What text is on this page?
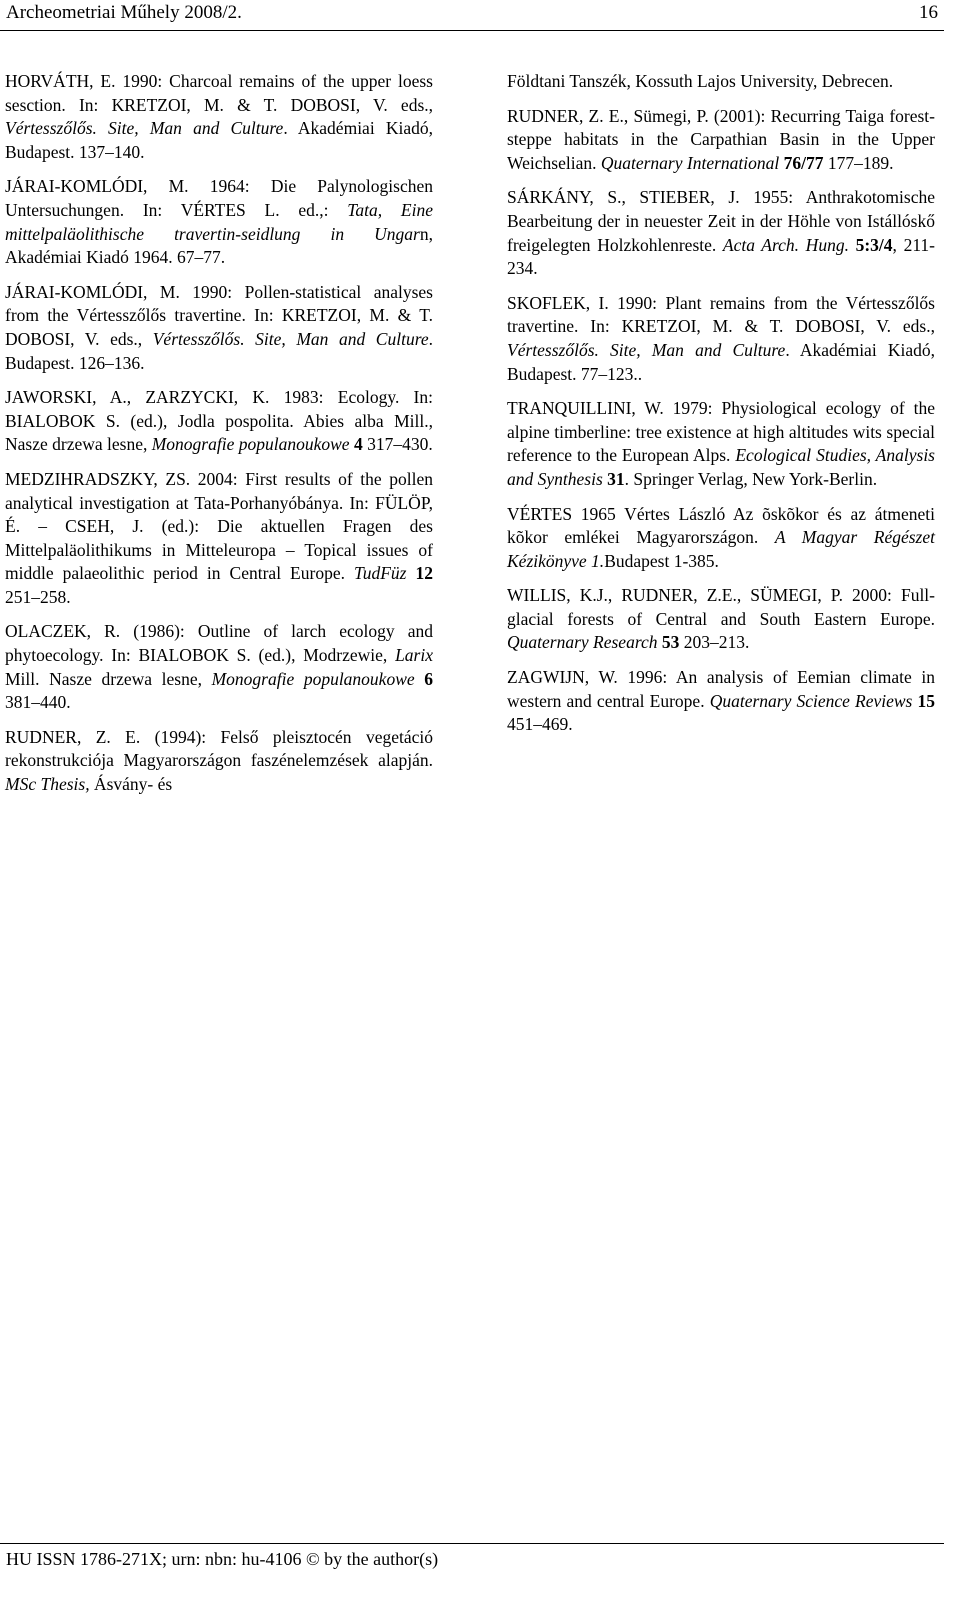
Archeometriai Műhely 2008/2.	16

HORVÁTH, E. 1990: Charcoal remains of the upper loess sesction. In: KRETZOI, M. & T. DOBOSI, V. eds., Vértesszőlős. Site, Man and Culture. Akadémiai Kiadó, Budapest. 137–140.

JÁRAI-KOMLÓDI, M. 1964: Die Palynologischen Untersuchungen. In: VÉRTES L. ed.,: Tata, Eine mittelpaläolithische travertin-seidlung in Ungarn, Akadémiai Kiadó 1964. 67–77.

JÁRAI-KOMLÓDI, M. 1990: Pollen-statistical analyses from the Vértesszőlős travertine. In: KRETZOI, M. & T. DOBOSI, V. eds., Vértesszőlős. Site, Man and Culture. Budapest. 126–136.

JAWORSKI, A., ZARZYCKI, K. 1983: Ecology. In: BIALOBOK S. (ed.), Jodla pospolita. Abies alba Mill., Nasze drzewa lesne, Monografie populanoukowe 4 317–430.

MEDZIHRADSZKY, ZS. 2004: First results of the pollen analytical investigation at Tata-Porhanyóbánya. In: FÜLÖP, É. – CSEH, J. (ed.): Die aktuellen Fragen des Mittelpaläolithikums in Mitteleuropa – Topical issues of middle palaeolithic period in Central Europe. TudFüz 12 251–258.

OLACZEK, R. (1986): Outline of larch ecology and phytoecology. In: BIALOBOK S. (ed.), Modrzewie, Larix Mill. Nasze drzewa lesne, Monografie populanoukowe 6 381–440.

RUDNER, Z. E. (1994): Felső pleisztocén vegetáció rekonstrukciója Magyarországon faszénelemzések alapján. MSc Thesis, Ásvány- és

Földtani Tanszék, Kossuth Lajos University, Debrecen.

RUDNER, Z. E., Sümegi, P. (2001): Recurring Taiga forest-steppe habitats in the Carpathian Basin in the Upper Weichselian. Quaternary International 76/77 177–189.

SÁRKÁNY, S., STIEBER, J. 1955: Anthrakotomische Bearbeitung der in neuester Zeit in der Höhle von Istállóskő freigelegten Holzkohlenreste. Acta Arch. Hung. 5:3/4, 211-234.

SKOFLEK, I. 1990: Plant remains from the Vértesszőlős travertine. In: KRETZOI, M. & T. DOBOSI, V. eds., Vértesszőlős. Site, Man and Culture. Akadémiai Kiadó, Budapest. 77–123..

TRANQUILLINI, W. 1979: Physiological ecology of the alpine timberline: tree existence at high altitudes wits special reference to the European Alps. Ecological Studies, Analysis and Synthesis 31. Springer Verlag, New York-Berlin.

VÉRTES 1965 Vértes László Az õskõkor és az átmeneti kõkor emlékei Magyarországon. A Magyar Régészet Kézikönyve 1.Budapest 1-385.

WILLIS, K.J., RUDNER, Z.E., SÜMEGI, P. 2000: Full-glacial forests of Central and South Eastern Europe. Quaternary Research 53 203–213.

ZAGWIJN, W. 1996: An analysis of Eemian climate in western and central Europe. Quaternary Science Reviews 15 451–469.

HU ISSN 1786-271X; urn: nbn: hu-4106 © by the author(s)
